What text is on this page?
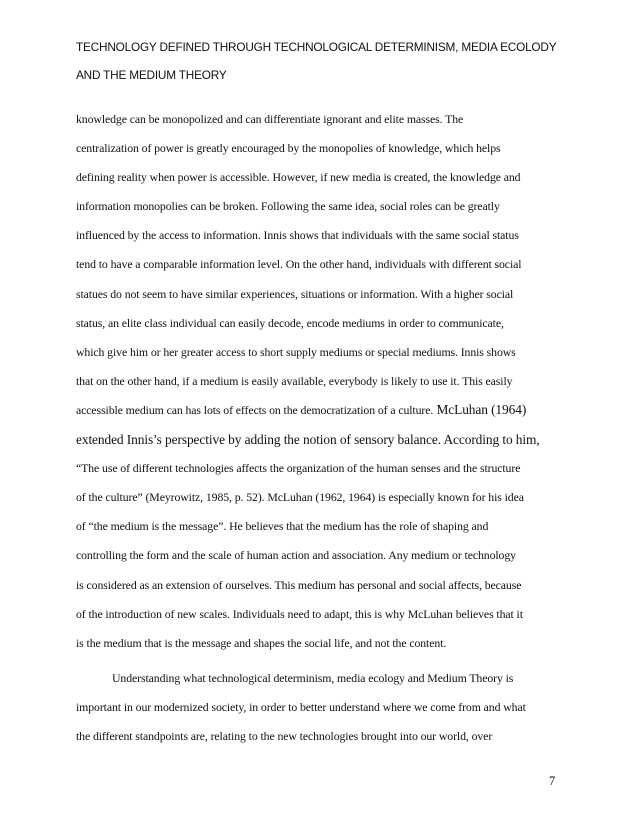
TECHNOLOGY DEFINED THROUGH TECHNOLOGICAL DETERMINISM, MEDIA ECOLODY
AND THE MEDIUM THEORY
knowledge can be monopolized and can differentiate ignorant and elite masses. The
centralization of power is greatly encouraged by the monopolies of knowledge, which helps
defining reality when power is accessible. However, if new media is created, the knowledge and
information monopolies can be broken. Following the same idea, social roles can be greatly
influenced by the access to information. Innis shows that individuals with the same social status
tend to have a comparable information level. On the other hand, individuals with different social
statues do not seem to have similar experiences, situations or information. With a higher social
status, an elite class individual can easily decode, encode mediums in order to communicate,
which give him or her greater access to short supply mediums or special mediums. Innis shows
that on the other hand, if a medium is easily available, everybody is likely to use it. This easily
accessible medium can has lots of effects on the democratization of a culture. McLuhan (1964)
extended Innis’s perspective by adding the notion of sensory balance. According to him,
“The use of different technologies affects the organization of the human senses and the structure
of the culture” (Meyrowitz, 1985, p. 52). McLuhan (1962, 1964) is especially known for his idea
of “the medium is the message”. He believes that the medium has the role of shaping and
controlling the form and the scale of human action and association. Any medium or technology
is considered as an extension of ourselves. This medium has personal and social affects, because
of the introduction of new scales. Individuals need to adapt, this is why McLuhan believes that it
is the medium that is the message and shapes the social life, and not the content.
Understanding what technological determinism, media ecology and Medium Theory is
important in our modernized society, in order to better understand where we come from and what
the different standpoints are, relating to the new technologies brought into our world, over
7
